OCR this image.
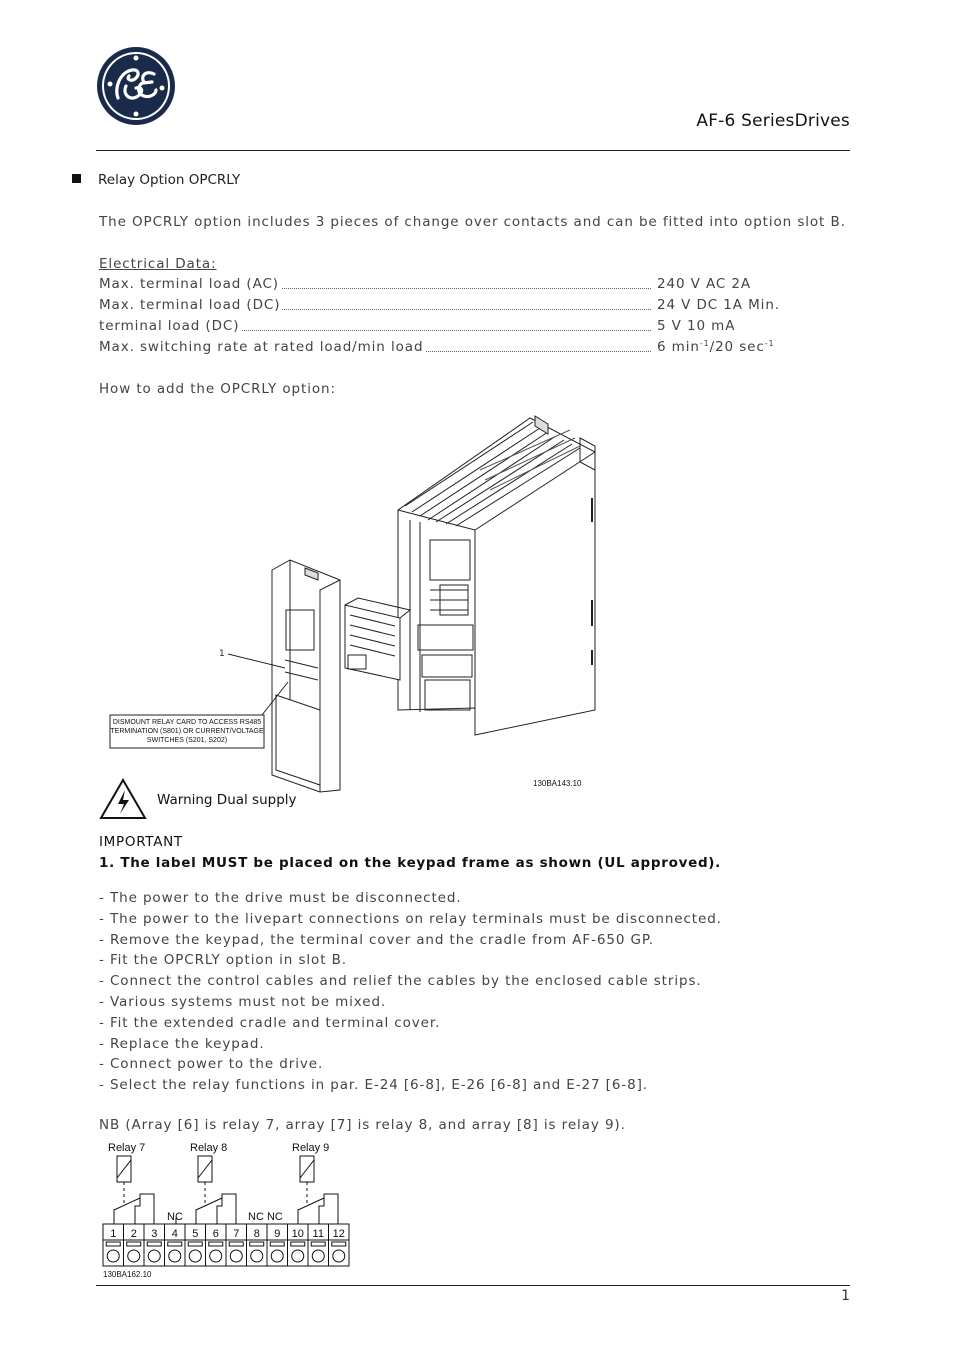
AF-6 SeriesDrives
Relay Option OPCRLY
The OPCRLY option includes 3 pieces of change over contacts and can be fitted into option slot B.
Electrical Data:
Max. terminal load (AC)	240 V AC 2A
Max. terminal load (DC)	24 V DC 1A Min.
terminal load (DC)	5 V 10 mA
Max. switching rate at rated load/min load	6 $\min^{-1}/20$ $\sec^{-1}$
How to add the OPCRLY option:
1
DISMOUNT RELAY CARD TO ACCESS RS485
TERMINATION (S801) OR CURRENT/VOLTAGE
SWITCHES (S201, S202)
130BA143.10
Warning Dual supply
IMPORTANT
1. The label MUST be placed on the keypad frame as shown (UL approved).
- The power to the drive must be disconnected.
- The power to the livepart connections on relay terminals must be disconnected.
- Remove the keypad, the terminal cover and the cradle from AF-650 GP.
- Fit the OPCRLY option in slot B.
- Connect the control cables and relief the cables by the enclosed cable strips.
- Various systems must not be mixed.
- Fit the extended cradle and terminal cover.
- Replace the keypad.
- Connect power to the drive.
- Select the relay functions in par. E-24 [6-8], E-26 [6-8] and E-27 [6-8].
NB (Array [6] is relay 7, array [7] is relay 8, and array [8] is relay 9).
Relay 7	Relay 8	Relay 9
NC	NC NC
1 2 3 4 5 6 7 8 9 10 11 12
130BA162.10
1
